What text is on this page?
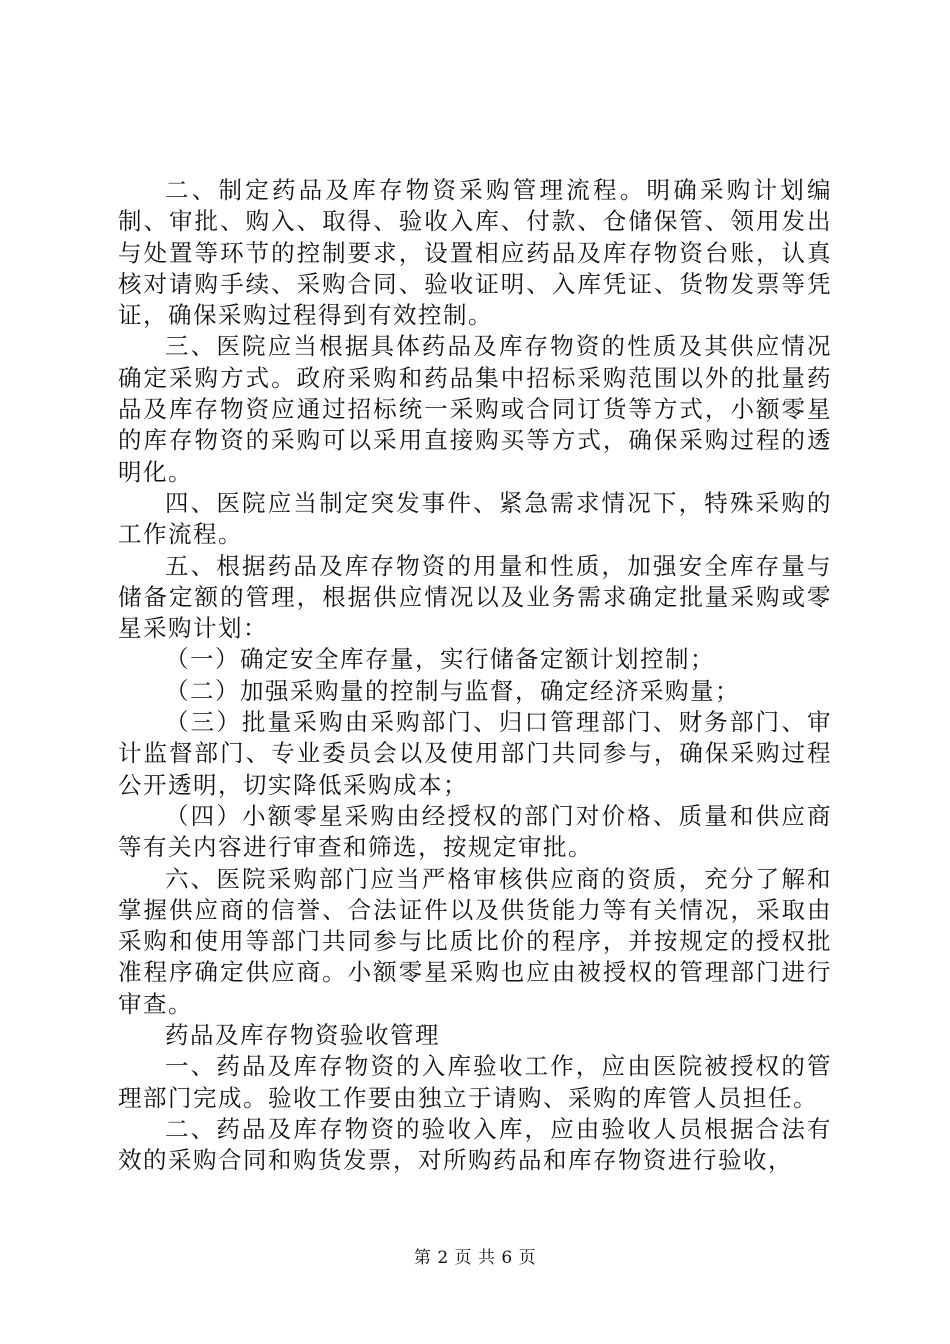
二、制定药品及库存物资采购管理流程。明确采购计划编制、审批、购入、取得、验收入库、付款、仓储保管、领用发出与处置等环节的控制要求，设置相应药品及库存物资台账，认真核对请购手续、采购合同、验收证明、入库凭证、货物发票等凭证，确保采购过程得到有效控制。

三、医院应当根据具体药品及库存物资的性质及其供应情况确定采购方式。政府采购和药品集中招标采购范围以外的批量药品及库存物资应通过招标统一采购或合同订货等方式，小额零星的库存物资的采购可以采用直接购买等方式，确保采购过程的透明化。

四、医院应当制定突发事件、紧急需求情况下，特殊采购的工作流程。

五、根据药品及库存物资的用量和性质，加强安全库存量与储备定额的管理，根据供应情况以及业务需求确定批量采购或零星采购计划：

（一）确定安全库存量，实行储备定额计划控制；

（二）加强采购量的控制与监督，确定经济采购量；

（三）批量采购由采购部门、归口管理部门、财务部门、审计监督部门、专业委员会以及使用部门共同参与，确保采购过程公开透明，切实降低采购成本；

（四）小额零星采购由经授权的部门对价格、质量和供应商等有关内容进行审查和筛选，按规定审批。

六、医院采购部门应当严格审核供应商的资质，充分了解和掌握供应商的信誉、合法证件以及供货能力等有关情况，采取由采购和使用等部门共同参与比质比价的程序，并按规定的授权批准程序确定供应商。小额零星采购也应由被授权的管理部门进行审查。

药品及库存物资验收管理

一、药品及库存物资的入库验收工作，应由医院被授权的管理部门完成。验收工作要由独立于请购、采购的库管人员担任。

二、药品及库存物资的验收入库，应由验收人员根据合法有效的采购合同和购货发票，对所购药品和库存物资进行验收，

第 2 页 共 6 页
